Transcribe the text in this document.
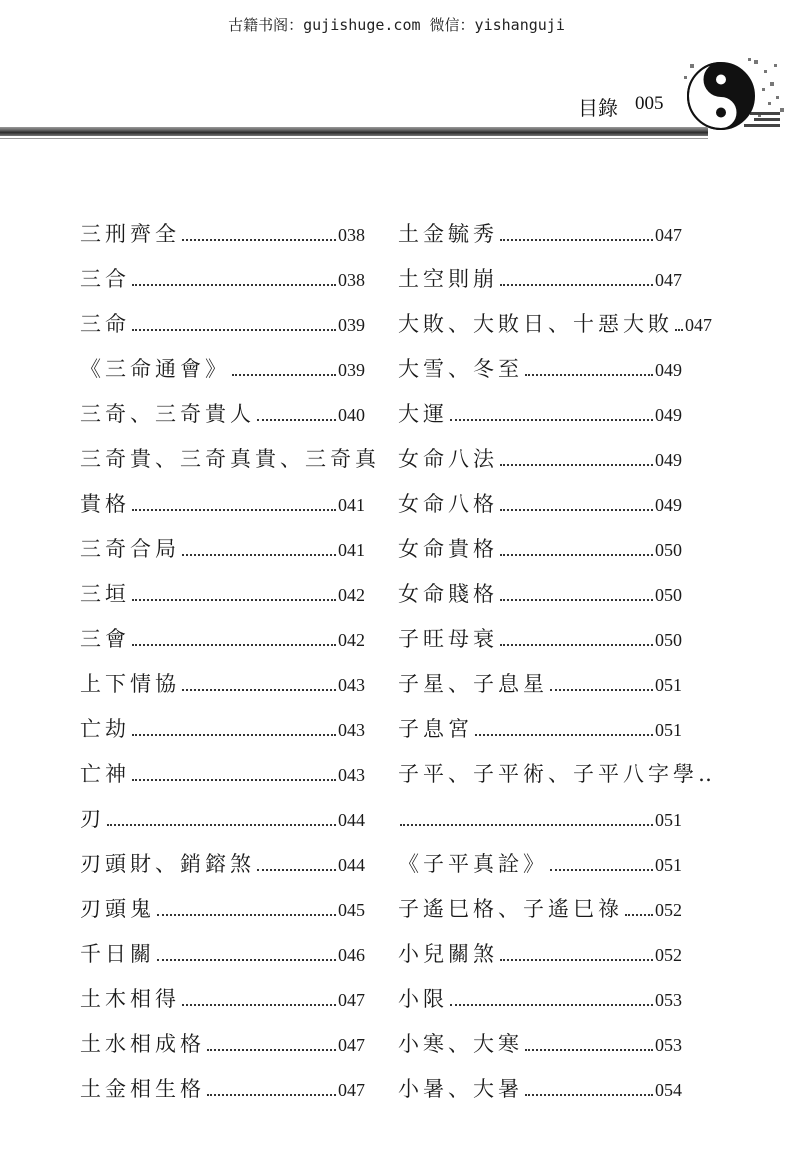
古籍书阁：gujishuge.com 微信：yishanguji
目錄 005
三刑齊全	038
三合	038
三命	039
《三命通會》	039
三奇、三奇貴人	040
三奇貴、三奇真貴、三奇真
貴格	041
三奇合局	041
三垣	042
三會	042
上下情協	043
亡劫	043
亡神	043
刃	044
刃頭財、銷鎔煞	044
刃頭鬼	045
千日關	046
土木相得	047
土水相成格	047
土金相生格	047
土金毓秀	047
土空則崩	047
大敗、大敗日、十惡大敗 047
大雪、冬至	049
大運	049
女命八法	049
女命八格	049
女命貴格	050
女命賤格	050
子旺母衰	050
子星、子息星	051
子息宮	051
子平、子平術、子平八字學‥
051
《子平真詮》	051
子遙巳格、子遙巳祿 052
小兒關煞	052
小限	053
小寒、大寒	053
小暑、大暑	054
